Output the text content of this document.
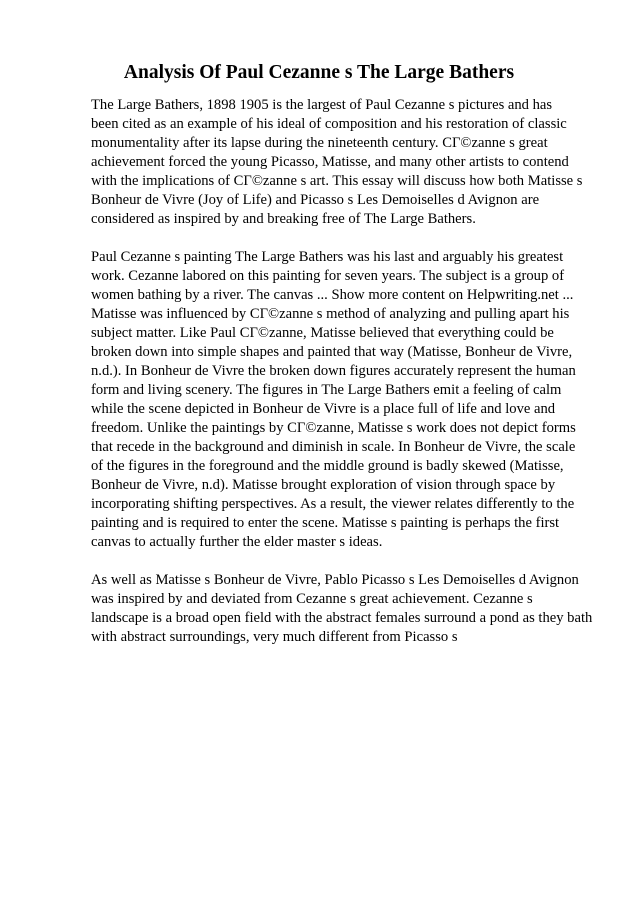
Analysis Of Paul Cezanne s The Large Bathers

The Large Bathers, 1898 1905 is the largest of Paul Cezanne s pictures and has
been cited as an example of his ideal of composition and his restoration of classic
monumentality after its lapse during the nineteenth century. CГ©zanne s great
achievement forced the young Picasso, Matisse, and many other artists to contend
with the implications of CГ©zanne s art. This essay will discuss how both Matisse s
Bonheur de Vivre (Joy of Life) and Picasso s Les Demoiselles d Avignon are
considered as inspired by and breaking free of The Large Bathers.

Paul Cezanne s painting The Large Bathers was his last and arguably his greatest
work. Cezanne labored on this painting for seven years. The subject is a group of
women bathing by a river. The canvas ... Show more content on Helpwriting.net ...
Matisse was influenced by CГ©zanne s method of analyzing and pulling apart his
subject matter. Like Paul CГ©zanne, Matisse believed that everything could be
broken down into simple shapes and painted that way (Matisse, Bonheur de Vivre,
n.d.). In Bonheur de Vivre the broken down figures accurately represent the human
form and living scenery. The figures in The Large Bathers emit a feeling of calm
while the scene depicted in Bonheur de Vivre is a place full of life and love and
freedom. Unlike the paintings by CГ©zanne, Matisse s work does not depict forms
that recede in the background and diminish in scale. In Bonheur de Vivre, the scale
of the figures in the foreground and the middle ground is badly skewed (Matisse,
Bonheur de Vivre, n.d). Matisse brought exploration of vision through space by
incorporating shifting perspectives. As a result, the viewer relates differently to the
painting and is required to enter the scene. Matisse s painting is perhaps the first
canvas to actually further the elder master s ideas.

As well as Matisse s Bonheur de Vivre, Pablo Picasso s Les Demoiselles d Avignon
was inspired by and deviated from Cezanne s great achievement. Cezanne s
landscape is a broad open field with the abstract females surround a pond as they bath
with abstract surroundings, very much different from Picasso s
